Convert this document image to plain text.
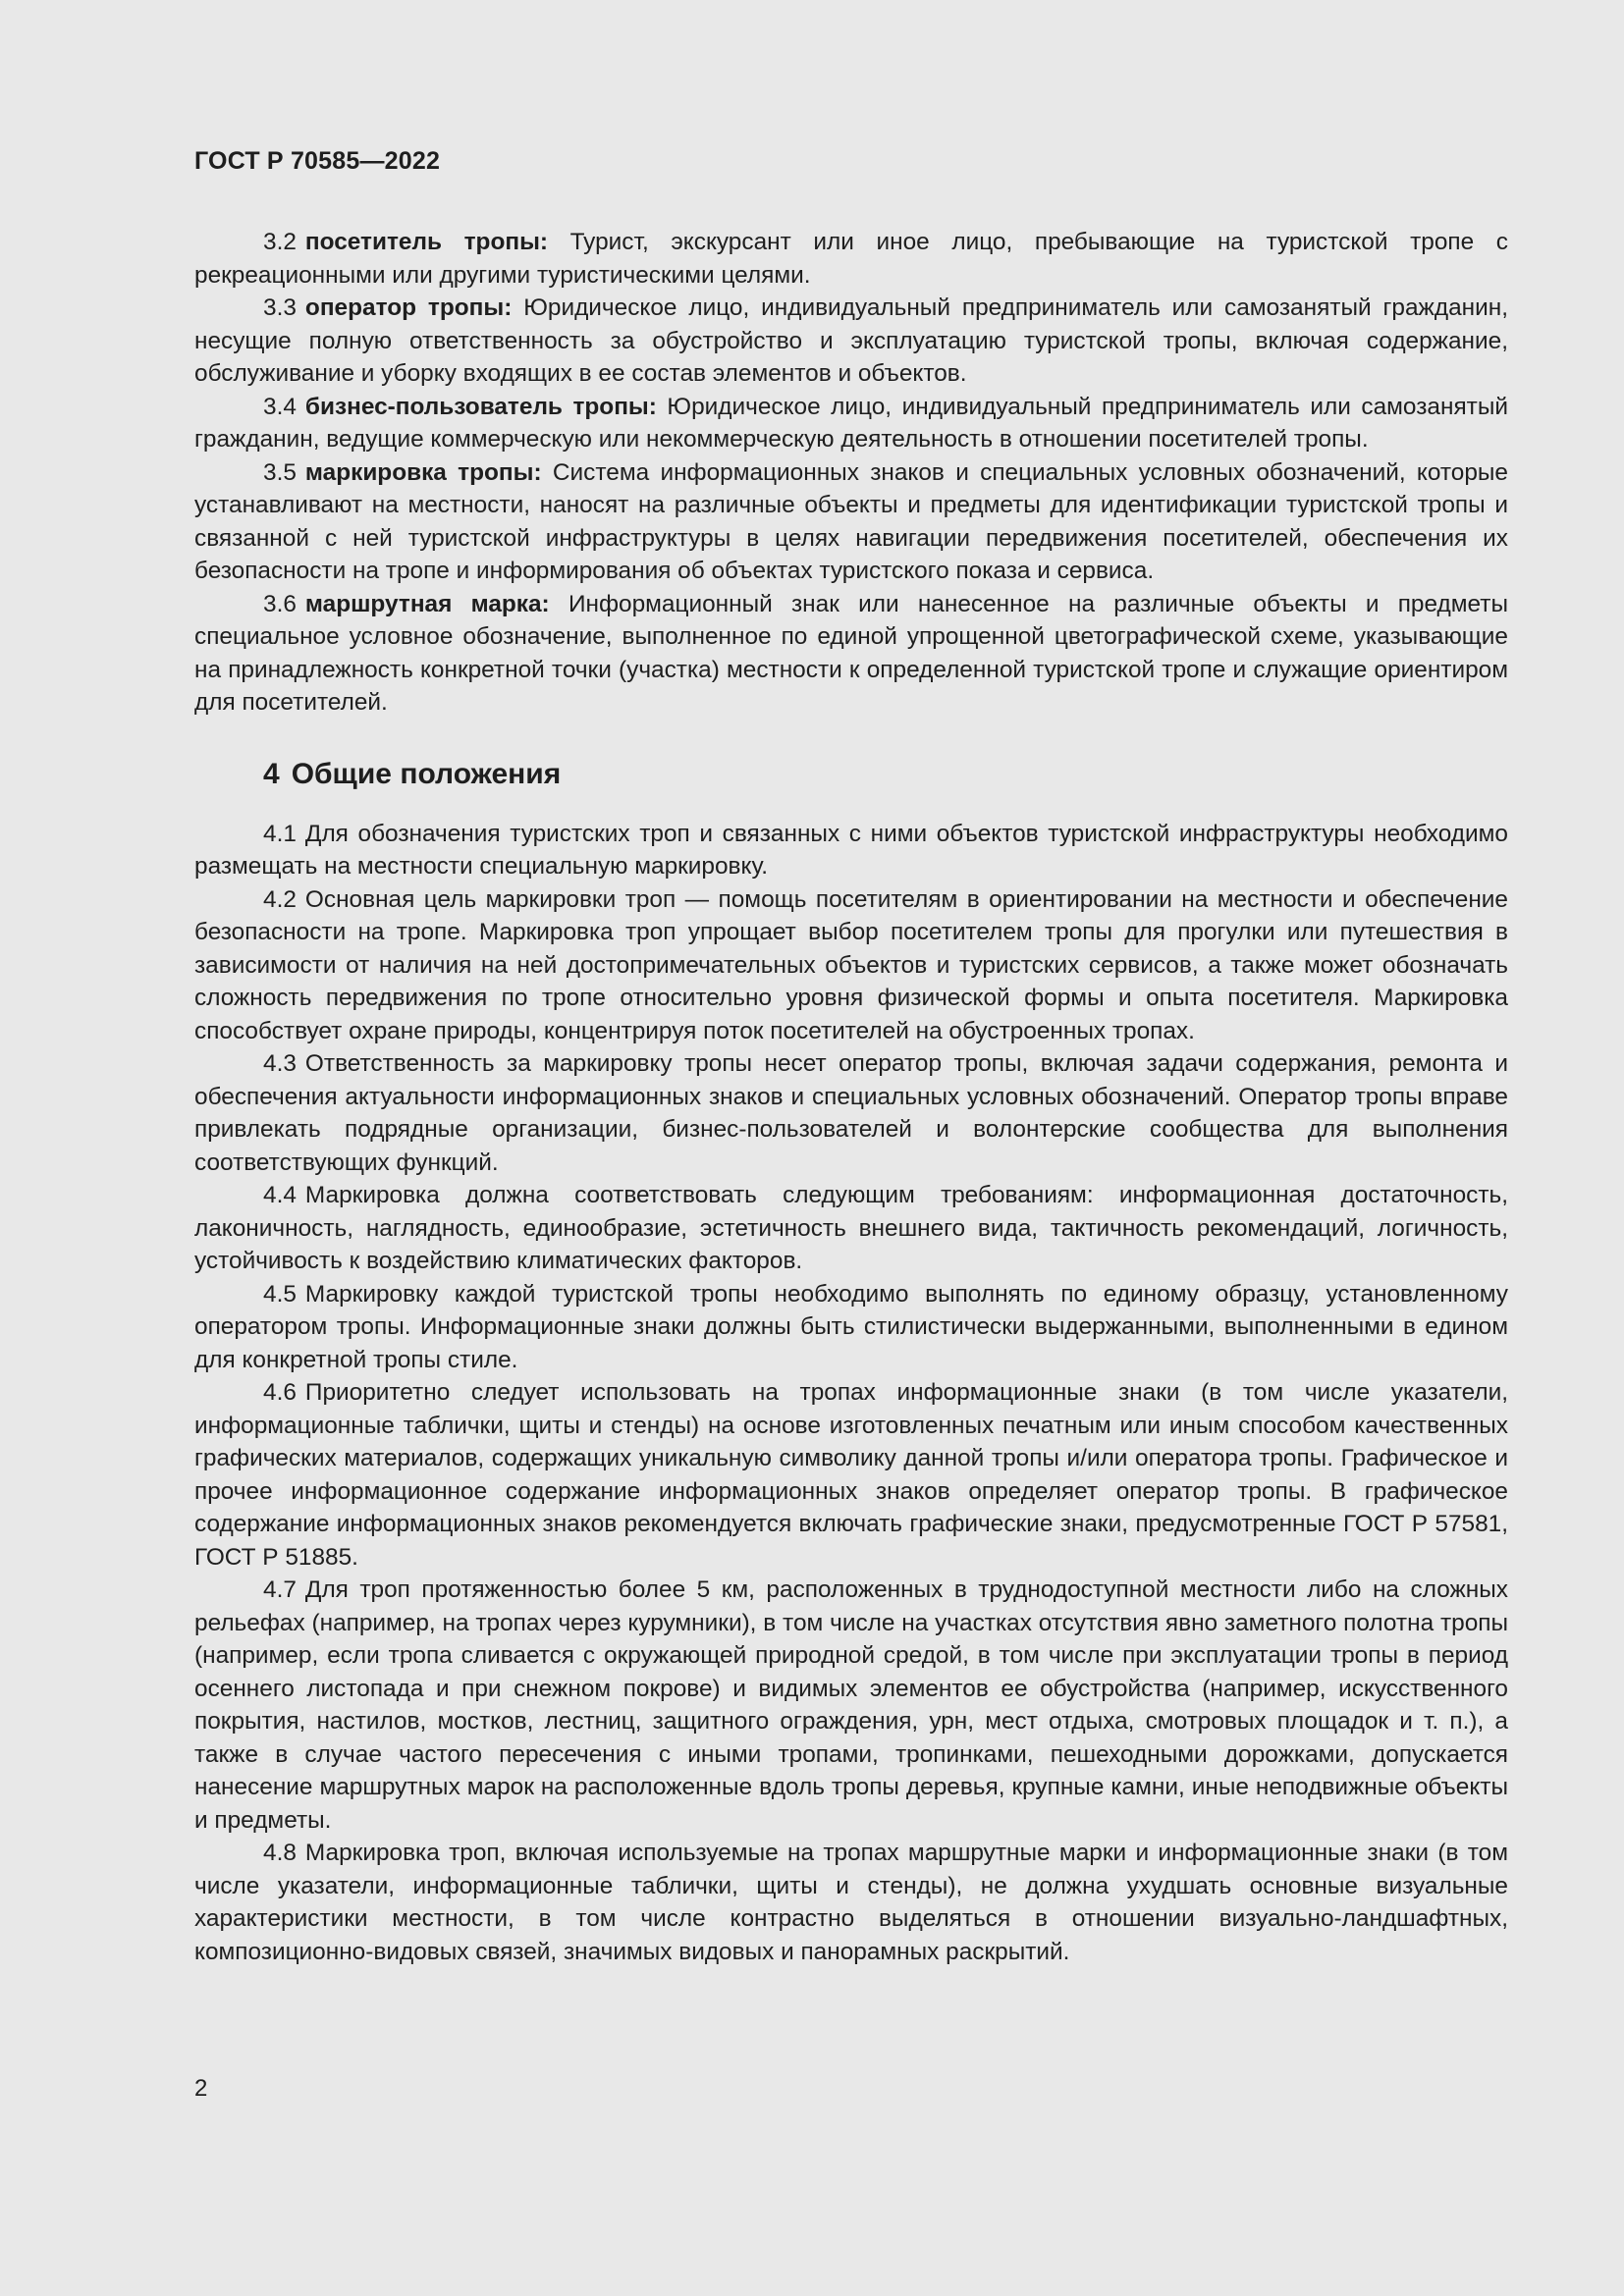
ГОСТ Р 70585—2022

3.2 посетитель тропы: Турист, экскурсант или иное лицо, пребывающие на туристской тропе с рекреационными или другими туристическими целями.

3.3 оператор тропы: Юридическое лицо, индивидуальный предприниматель или самозанятый гражданин, несущие полную ответственность за обустройство и эксплуатацию туристской тропы, включая содержание, обслуживание и уборку входящих в ее состав элементов и объектов.

3.4 бизнес-пользователь тропы: Юридическое лицо, индивидуальный предприниматель или самозанятый гражданин, ведущие коммерческую или некоммерческую деятельность в отношении посетителей тропы.

3.5 маркировка тропы: Система информационных знаков и специальных условных обозначений, которые устанавливают на местности, наносят на различные объекты и предметы для идентификации туристской тропы и связанной с ней туристской инфраструктуры в целях навигации передвижения посетителей, обеспечения их безопасности на тропе и информирования об объектах туристского показа и сервиса.

3.6 маршрутная марка: Информационный знак или нанесенное на различные объекты и предметы специальное условное обозначение, выполненное по единой упрощенной цветографической схеме, указывающие на принадлежность конкретной точки (участка) местности к определенной туристской тропе и служащие ориентиром для посетителей.

4 Общие положения

4.1 Для обозначения туристских троп и связанных с ними объектов туристской инфраструктуры необходимо размещать на местности специальную маркировку.

4.2 Основная цель маркировки троп — помощь посетителям в ориентировании на местности и обеспечение безопасности на тропе. Маркировка троп упрощает выбор посетителем тропы для прогулки или путешествия в зависимости от наличия на ней достопримечательных объектов и туристских сервисов, а также может обозначать сложность передвижения по тропе относительно уровня физической формы и опыта посетителя. Маркировка способствует охране природы, концентрируя поток посетителей на обустроенных тропах.

4.3 Ответственность за маркировку тропы несет оператор тропы, включая задачи содержания, ремонта и обеспечения актуальности информационных знаков и специальных условных обозначений. Оператор тропы вправе привлекать подрядные организации, бизнес-пользователей и волонтерские сообщества для выполнения соответствующих функций.

4.4 Маркировка должна соответствовать следующим требованиям: информационная достаточность, лаконичность, наглядность, единообразие, эстетичность внешнего вида, тактичность рекомендаций, логичность, устойчивость к воздействию климатических факторов.

4.5 Маркировку каждой туристской тропы необходимо выполнять по единому образцу, установленному оператором тропы. Информационные знаки должны быть стилистически выдержанными, выполненными в едином для конкретной тропы стиле.

4.6 Приоритетно следует использовать на тропах информационные знаки (в том числе указатели, информационные таблички, щиты и стенды) на основе изготовленных печатным или иным способом качественных графических материалов, содержащих уникальную символику данной тропы и/или оператора тропы. Графическое и прочее информационное содержание информационных знаков определяет оператор тропы. В графическое содержание информационных знаков рекомендуется включать графические знаки, предусмотренные ГОСТ Р 57581, ГОСТ Р 51885.

4.7 Для троп протяженностью более 5 км, расположенных в труднодоступной местности либо на сложных рельефах (например, на тропах через курумники), в том числе на участках отсутствия явно заметного полотна тропы (например, если тропа сливается с окружающей природной средой, в том числе при эксплуатации тропы в период осеннего листопада и при снежном покрове) и видимых элементов ее обустройства (например, искусственного покрытия, настилов, мостков, лестниц, защитного ограждения, урн, мест отдыха, смотровых площадок и т. п.), а также в случае частого пересечения с иными тропами, тропинками, пешеходными дорожками, допускается нанесение маршрутных марок на расположенные вдоль тропы деревья, крупные камни, иные неподвижные объекты и предметы.

4.8 Маркировка троп, включая используемые на тропах маршрутные марки и информационные знаки (в том числе указатели, информационные таблички, щиты и стенды), не должна ухудшать основные визуальные характеристики местности, в том числе контрастно выделяться в отношении визуально-ландшафтных, композиционно-видовых связей, значимых видовых и панорамных раскрытий.

2
